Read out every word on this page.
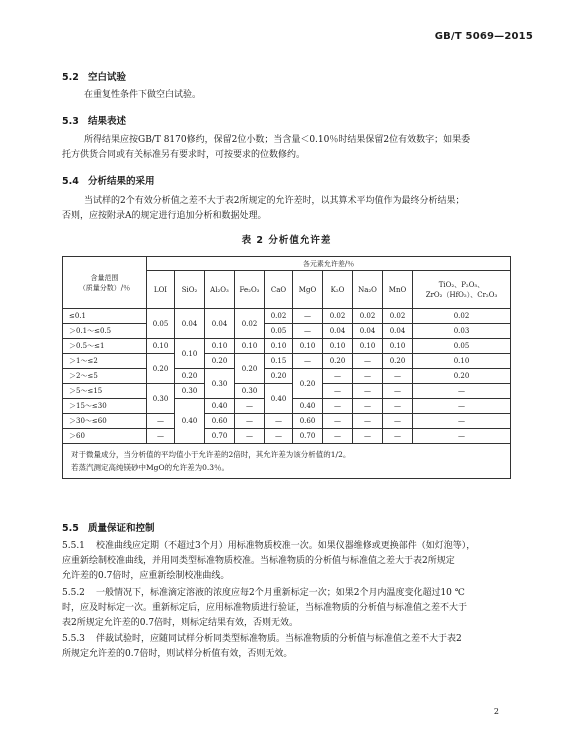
GB/T 5069—2015
5.2 空白试验
在重复性条件下做空白试验。
5.3 结果表述
所得结果应按GB/T 8170修约，保留2位小数；当含量＜0.10％时结果保留2位有效数字；如果委
托方供货合同或有关标准另有要求时，可按要求的位数修约。
5.4 分析结果的采用
当试样的2个有效分析值之差不大于表2所规定的允许差时，以其算术平均值作为最终分析结果；
否则，应按附录A的规定进行追加分析和数据处理。
表 2 分析值允许差
含量范围
（质量分数）/％	各元素允许差/％									
	LOI	SiO₂	Al₂O₃	Fe₂O₃	CaO	MgO	K₂O	Na₂O	MnO	TiO₂、P₂O₅、
ZrO₂（HfO₂）、Cr₂O₃

≤0.1	0.05	0.04	0.04	0.02	0.02	—	0.02	0.02	0.02	0.02
＞0.1～≤0.5					0.05	—	0.04	0.04	0.04	0.03
＞0.5～≤1	0.10	0.10	0.10	0.10	0.10	0.10	0.10	0.10	0.10	0.05
＞1～≤2	0.20		0.20	0.20	0.15	—	0.20	—	0.20	0.10
＞2～≤5		0.20	0.30		0.20	0.20	—	—	—	0.20
＞5～≤15	0.30	0.30		0.30	0.40		—	—	—	—
＞15～≤30		0.40	0.40	—		0.40	—	—	—	—
＞30～≤60	—		0.60	—	—	0.60	—	—	—	—
＞60	—		0.70	—	—	0.70	—	—	—	—

对于微量成分，当分析值的平均值小于允许差的2倍时，其允许差为该分析值的1/2。
若蒸汽测定高纯镁砂中MgO的允许差为0.3％。										
5.5 质量保证和控制
5.5.1 校准曲线应定期（不超过3个月）用标准物质校准一次。如果仪器维修或更换部件（如灯泡等），
应重新绘制校准曲线，并用同类型标准物质校准。当标准物质的分析值与标准值之差大于表2所规定
允许差的0.7倍时，应重新绘制校准曲线。
5.5.2 一般情况下，标准滴定溶液的浓度应每2个月重新标定一次；如果2个月内温度变化超过10 ℃
时，应及时标定一次。重新标定后，应用标准物质进行验证，当标准物质的分析值与标准值之差不大于
表2所规定允许差的0.7倍时，则标定结果有效，否则无效。
5.5.3 伴裁试验时，应随同试样分析同类型标准物质。当标准物质的分析值与标准值之差不大于表2
所规定允许差的0.7倍时，则试样分析值有效，否则无效。
2
